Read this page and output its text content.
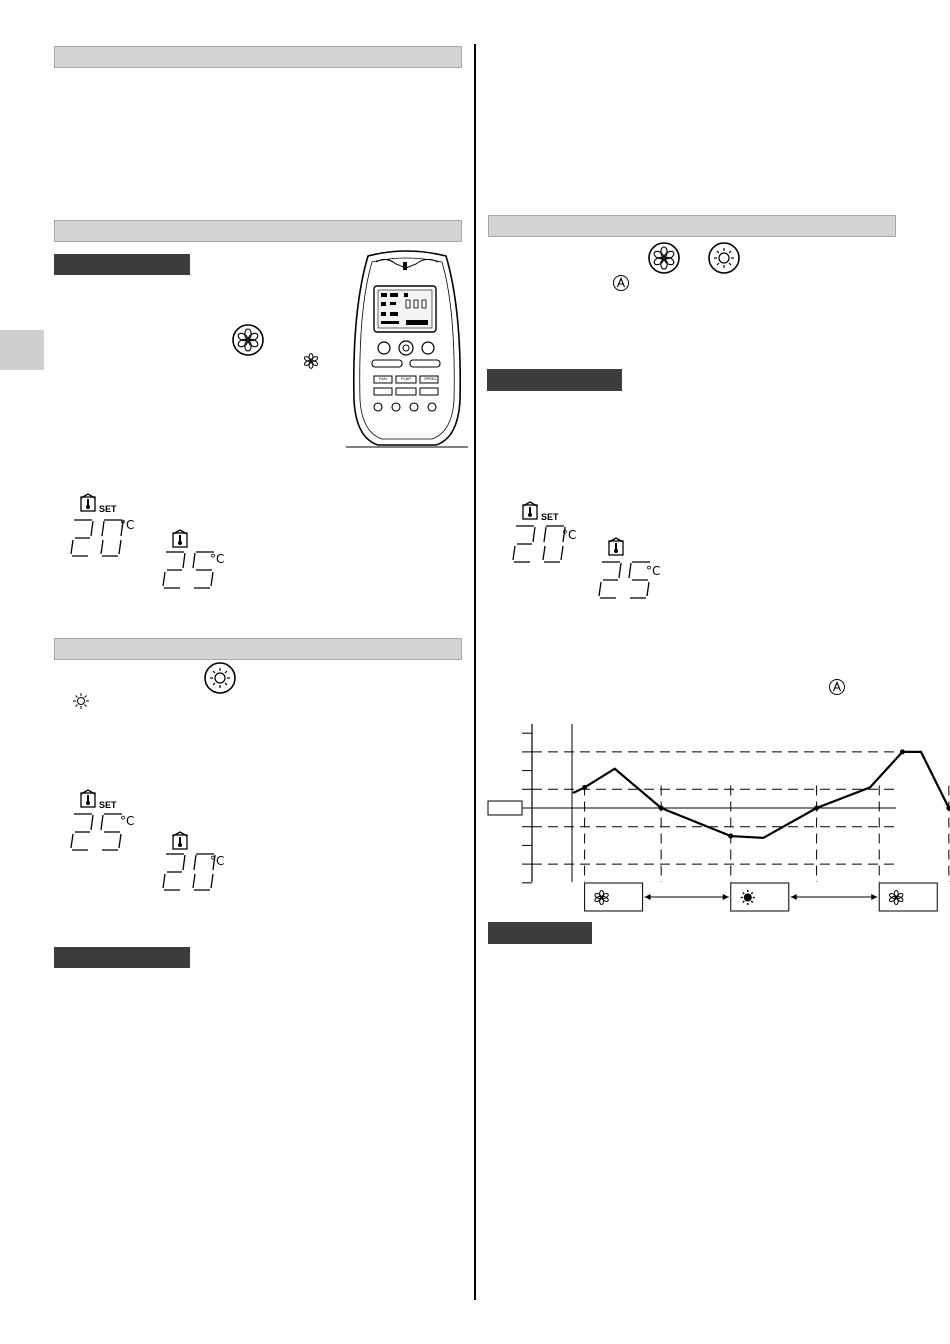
FAN	FLAP	SPEEL
SET
°C
°C
SET
°C
°C
SET
°C
°C
